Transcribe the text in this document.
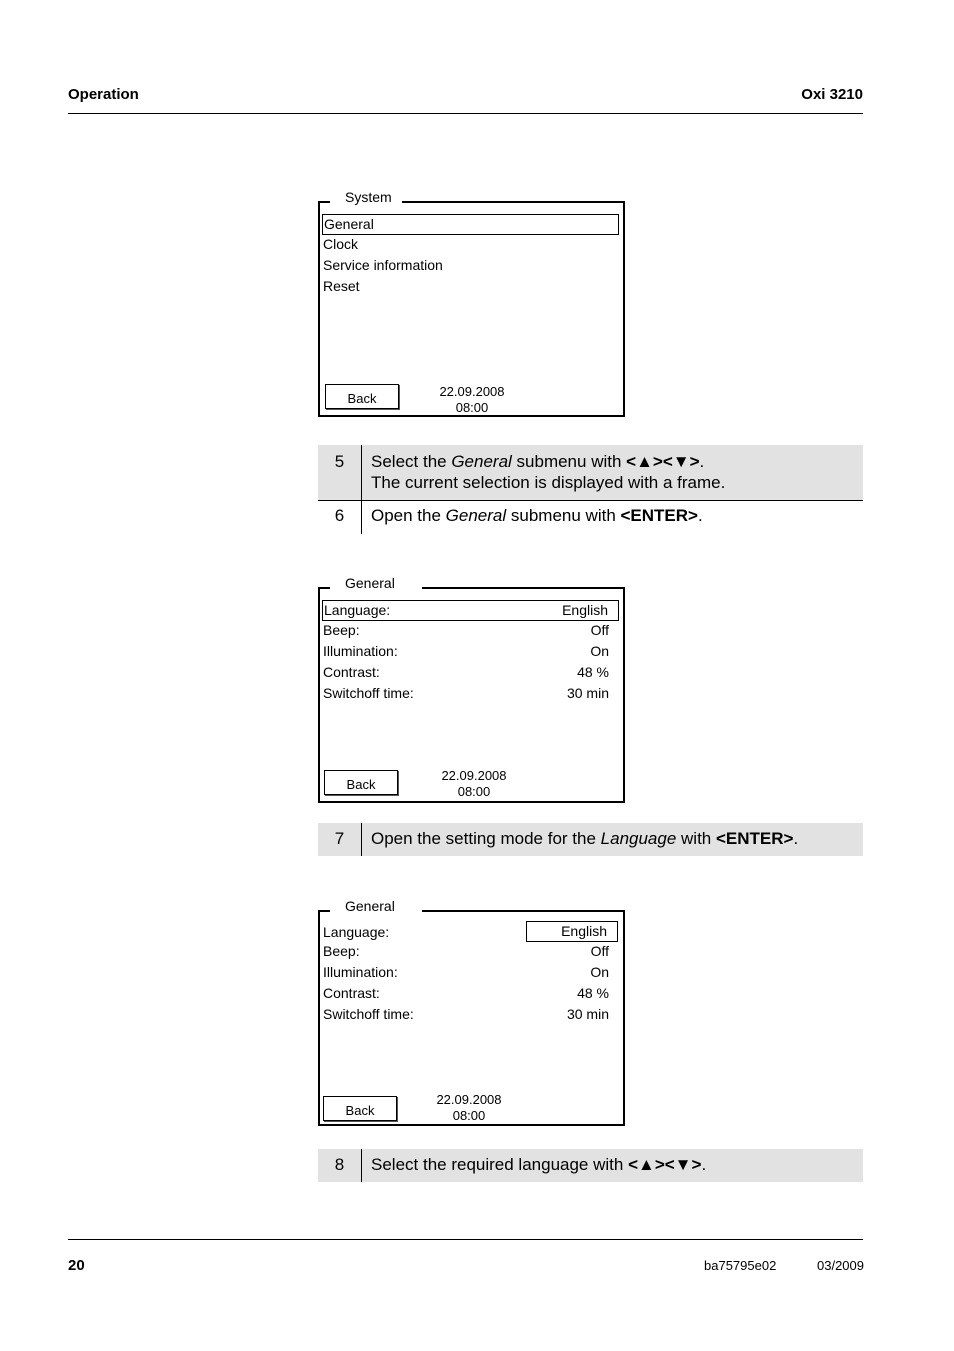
Operation	Oxi 3210
System
General
Clock
Service information
Reset
Back	22.09.2008
08:00
5	Select the General submenu with <▲><▼>.
The current selection is displayed with a frame.
6	Open the General submenu with <ENTER>.
General
Language:	English
Beep:	Off
Illumination:	On
Contrast:	48 %
Switchoff time:	30 min
Back
22.09.2008
08:00
7	Open the setting mode for the Language with <ENTER>.
General
Language:	English
Beep:	Off
Illumination:	On
Contrast:	48 %
Switchoff time:	30 min
Back
22.09.2008
08:00
8	Select the required language with <▲><▼>.
20	ba75795e02	03/2009
